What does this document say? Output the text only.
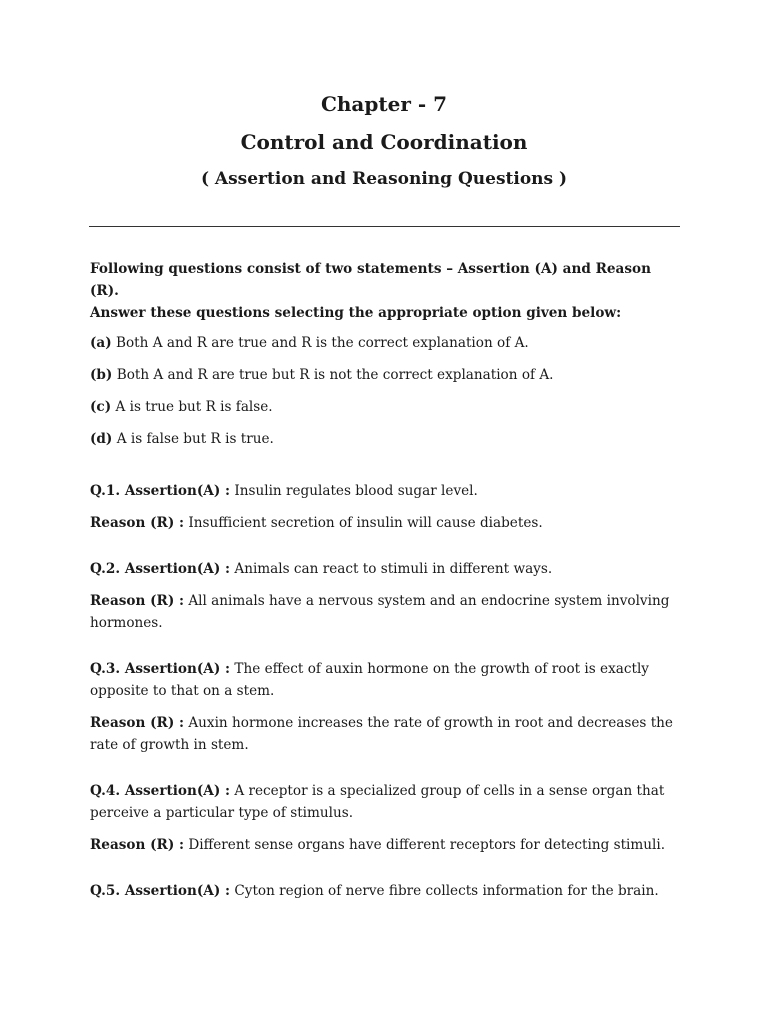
Chapter - 7
Control and Coordination
( Assertion and Reasoning Questions )

Following questions consist of two statements – Assertion (A) and Reason (R).
Answer these questions selecting the appropriate option given below:

(a) Both A and R are true and R is the correct explanation of A.

(b) Both A and R are true but R is not the correct explanation of A.

(c) A is true but R is false.

(d) A is false but R is true.

Q.1. Assertion(A) : Insulin regulates blood sugar level.

Reason (R) : Insufficient secretion of insulin will cause diabetes.

Q.2. Assertion(A) : Animals can react to stimuli in different ways.

Reason (R) : All animals have a nervous system and an endocrine system involving hormones.

Q.3. Assertion(A) : The effect of auxin hormone on the growth of root is exactly opposite to that on a stem.

Reason (R) : Auxin hormone increases the rate of growth in root and decreases the rate of growth in stem.

Q.4. Assertion(A) : A receptor is a specialized group of cells in a sense organ that perceive a particular type of stimulus.

Reason (R) : Different sense organs have different receptors for detecting stimuli.

Q.5. Assertion(A) : Cyton region of nerve fibre collects information for the brain.
